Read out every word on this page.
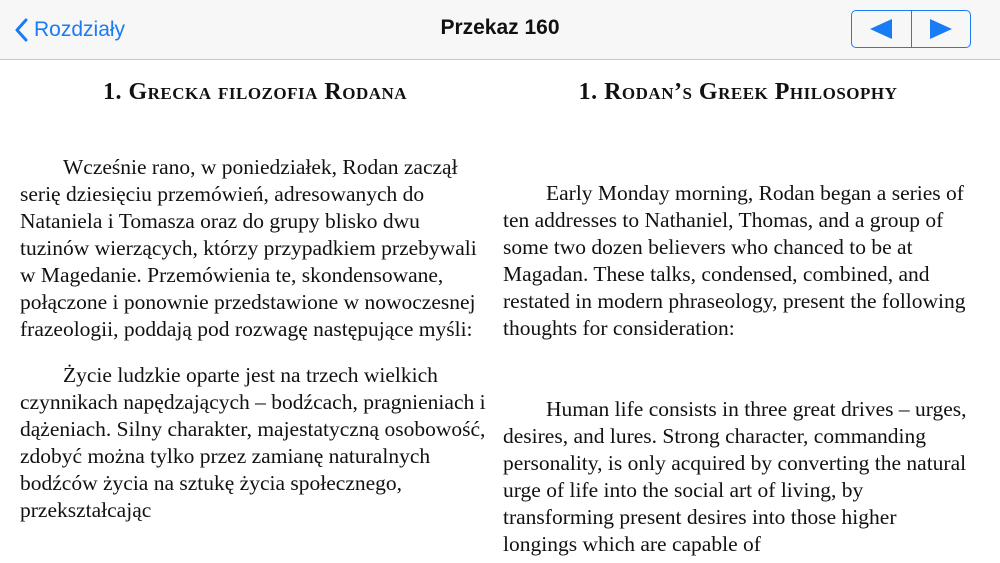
Rozdziały	Przekaz 160
1. Grecka filozofia Rodana

Wcześnie rano, w poniedziałek, Rodan zaczął serię dziesięciu przemówień, adresowanych do Nataniela i Tomasza oraz do grupy blisko dwu tuzinów wierzących, którzy przypadkiem przebywali w Magedanie. Przemówienia te, skondensowane, połączone i ponownie przedstawione w nowoczesnej frazeologii, poddają pod rozwagę następujące myśli:

Życie ludzkie oparte jest na trzech wielkich czynnikach napędzających – bodźcach, pragnieniach i dążeniach. Silny charakter, majestatyczną osobowość, zdobyć można tylko przez zamianę naturalnych bodźców życia na sztukę życia społecznego, przekształcając

1. Rodan’s Greek Philosophy

Early Monday morning, Rodan began a series of ten addresses to Nathaniel, Thomas, and a group of some two dozen believers who chanced to be at Magadan. These talks, condensed, combined, and restated in modern phraseology, present the following thoughts for consideration:

Human life consists in three great drives – urges, desires, and lures. Strong character, commanding personality, is only acquired by converting the natural urge of life into the social art of living, by transforming present desires into those higher longings which are capable of
